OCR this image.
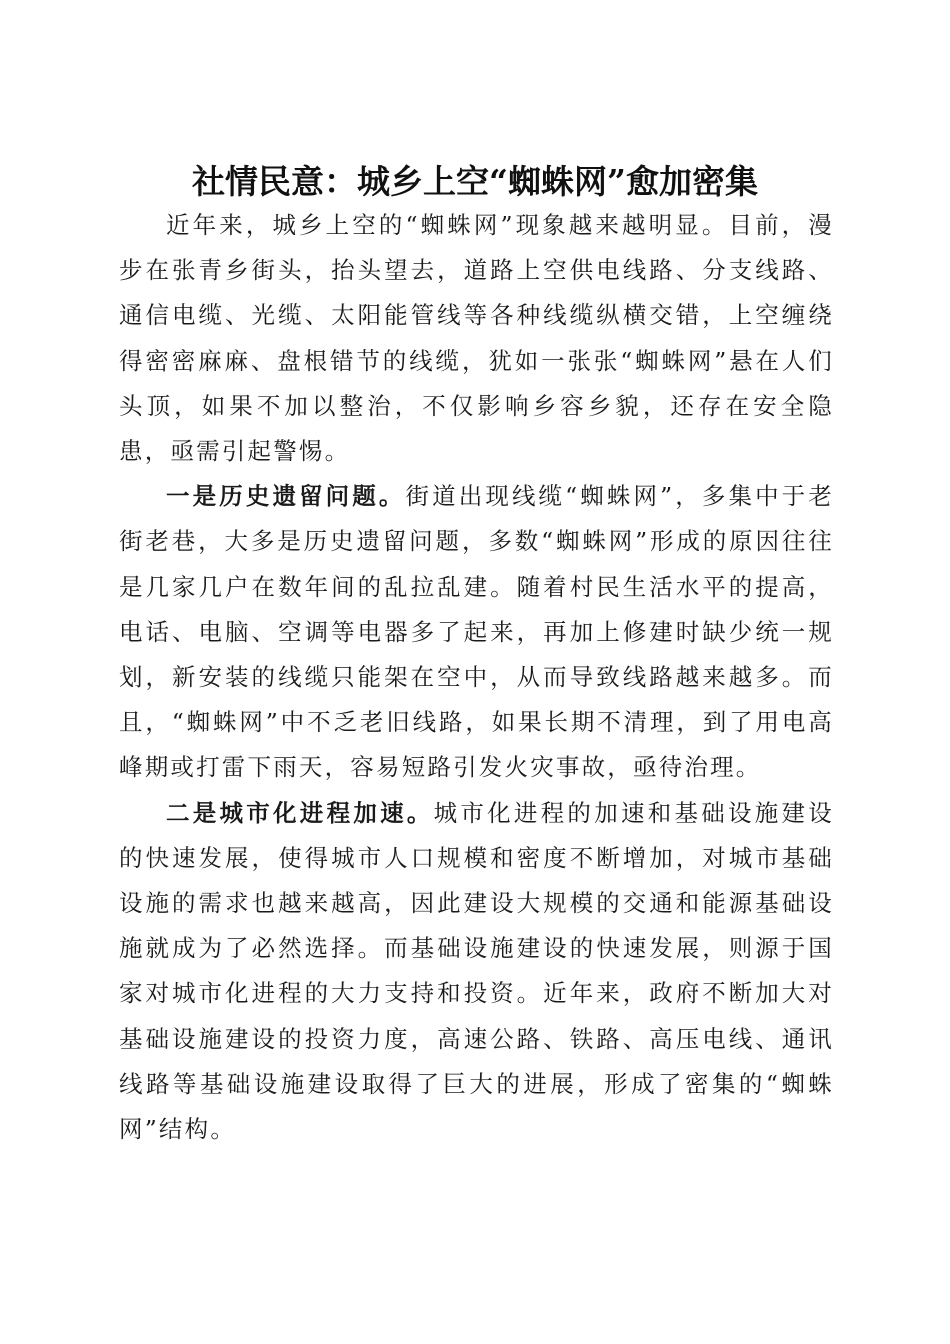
社情民意：城乡上空“蜘蛛网”愈加密集

近年来，城乡上空的“蜘蛛网”现象越来越明显。目前，漫步在张青乡街头，抬头望去，道路上空供电线路、分支线路、通信电缆、光缆、太阳能管线等各种线缆纵横交错，上空缠绕得密密麻麻、盘根错节的线缆，犹如一张张“蜘蛛网”悬在人们头顶，如果不加以整治，不仅影响乡容乡貌，还存在安全隐患，亟需引起警惕。

一是历史遗留问题。街道出现线缆“蜘蛛网”，多集中于老街老巷，大多是历史遗留问题，多数“蜘蛛网”形成的原因往往是几家几户在数年间的乱拉乱建。随着村民生活水平的提高，电话、电脑、空调等电器多了起来，再加上修建时缺少统一规划，新安装的线缆只能架在空中，从而导致线路越来越多。而且，“蜘蛛网”中不乏老旧线路，如果长期不清理，到了用电高峰期或打雷下雨天，容易短路引发火灾事故，亟待治理。

二是城市化进程加速。城市化进程的加速和基础设施建设的快速发展，使得城市人口规模和密度不断增加，对城市基础设施的需求也越来越高，因此建设大规模的交通和能源基础设施就成为了必然选择。而基础设施建设的快速发展，则源于国家对城市化进程的大力支持和投资。近年来，政府不断加大对基础设施建设的投资力度，高速公路、铁路、高压电线、通讯线路等基础设施建设取得了巨大的进展，形成了密集的“蜘蛛网”结构。
